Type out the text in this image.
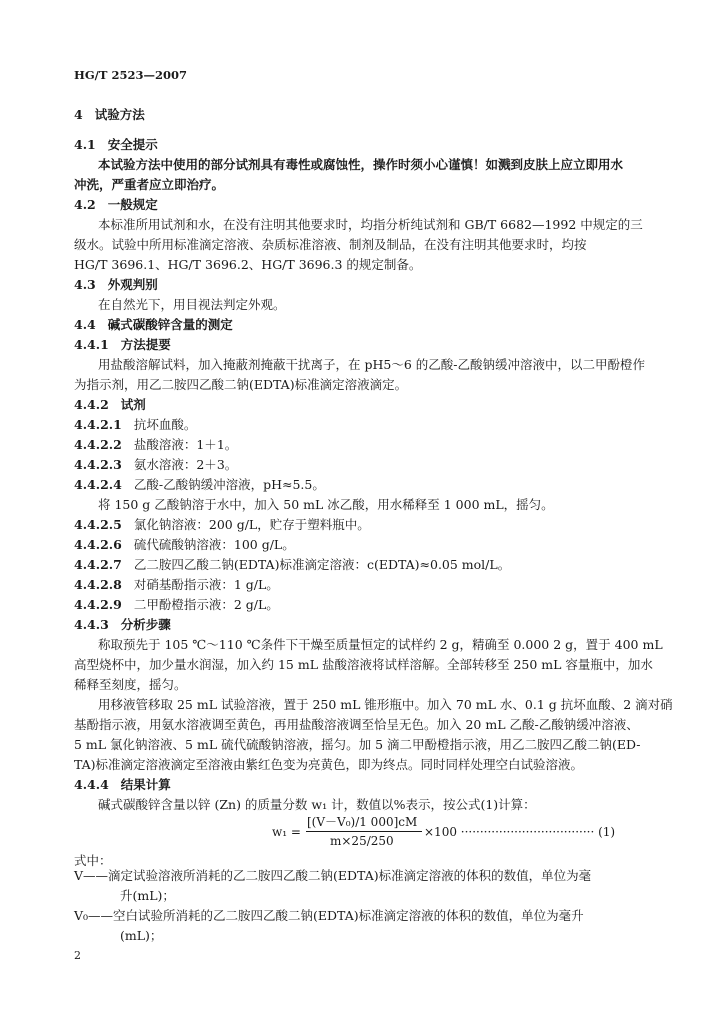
HG/T 2523—2007
4 试验方法
4.1 安全提示
本试验方法中使用的部分试剂具有毒性或腐蚀性，操作时须小心谨慎！如溅到皮肤上应立即用水
冲洗，严重者应立即治疗。
4.2 一般规定
本标准所用试剂和水，在没有注明其他要求时，均指分析纯试剂和 GB/T 6682—1992 中规定的三
级水。试验中所用标准滴定溶液、杂质标准溶液、制剂及制品，在没有注明其他要求时，均按
HG/T 3696.1、HG/T 3696.2、HG/T 3696.3 的规定制备。
4.3 外观判别
在自然光下，用目视法判定外观。
4.4 碱式碳酸锌含量的测定
4.4.1 方法提要
用盐酸溶解试料，加入掩蔽剂掩蔽干扰离子，在 pH5～6 的乙酸-乙酸钠缓冲溶液中，以二甲酚橙作
为指示剂，用乙二胺四乙酸二钠(EDTA)标准滴定溶液滴定。
4.4.2 试剂
4.4.2.1 抗坏血酸。
4.4.2.2 盐酸溶液：1＋1。
4.4.2.3 氨水溶液：2＋3。
4.4.2.4 乙酸-乙酸钠缓冲溶液，pH≈5.5。
将 150 g 乙酸钠溶于水中，加入 50 mL 冰乙酸，用水稀释至 1 000 mL，摇匀。
4.4.2.5 氯化钠溶液：200 g/L，贮存于塑料瓶中。
4.4.2.6 硫代硫酸钠溶液：100 g/L。
4.4.2.7 乙二胺四乙酸二钠(EDTA)标准滴定溶液：c(EDTA)≈0.05 mol/L。
4.4.2.8 对硝基酚指示液：1 g/L。
4.4.2.9 二甲酚橙指示液：2 g/L。
4.4.3 分析步骤
称取预先于 105 ℃～110 ℃条件下干燥至质量恒定的试样约 2 g，精确至 0.000 2 g，置于 400 mL
高型烧杯中，加少量水润湿，加入约 15 mL 盐酸溶液将试样溶解。全部转移至 250 mL 容量瓶中，加水
稀释至刻度，摇匀。
用移液管移取 25 mL 试验溶液，置于 250 mL 锥形瓶中。加入 70 mL 水、0.1 g 抗坏血酸、2 滴对硝
基酚指示液，用氨水溶液调至黄色，再用盐酸溶液调至恰呈无色。加入 20 mL 乙酸-乙酸钠缓冲溶液、
5 mL 氯化钠溶液、5 mL 硫代硫酸钠溶液，摇匀。加 5 滴二甲酚橙指示液，用乙二胺四乙酸二钠(ED-
TA)标准滴定溶液滴定至溶液由紫红色变为亮黄色，即为终点。同时同样处理空白试验溶液。
4.4.4 结果计算
碱式碳酸锌含量以锌 (Zn) 的质量分数 w₁ 计，数值以%表示，按公式(1)计算：
w₁ =
[(V－V₀)/1 000]cM
m×25/250
×100 ··································· (1)
式中：
V——滴定试验溶液所消耗的乙二胺四乙酸二钠(EDTA)标准滴定溶液的体积的数值，单位为毫
升(mL)；
V₀——空白试验所消耗的乙二胺四乙酸二钠(EDTA)标准滴定溶液的体积的数值，单位为毫升
(mL)；
2
